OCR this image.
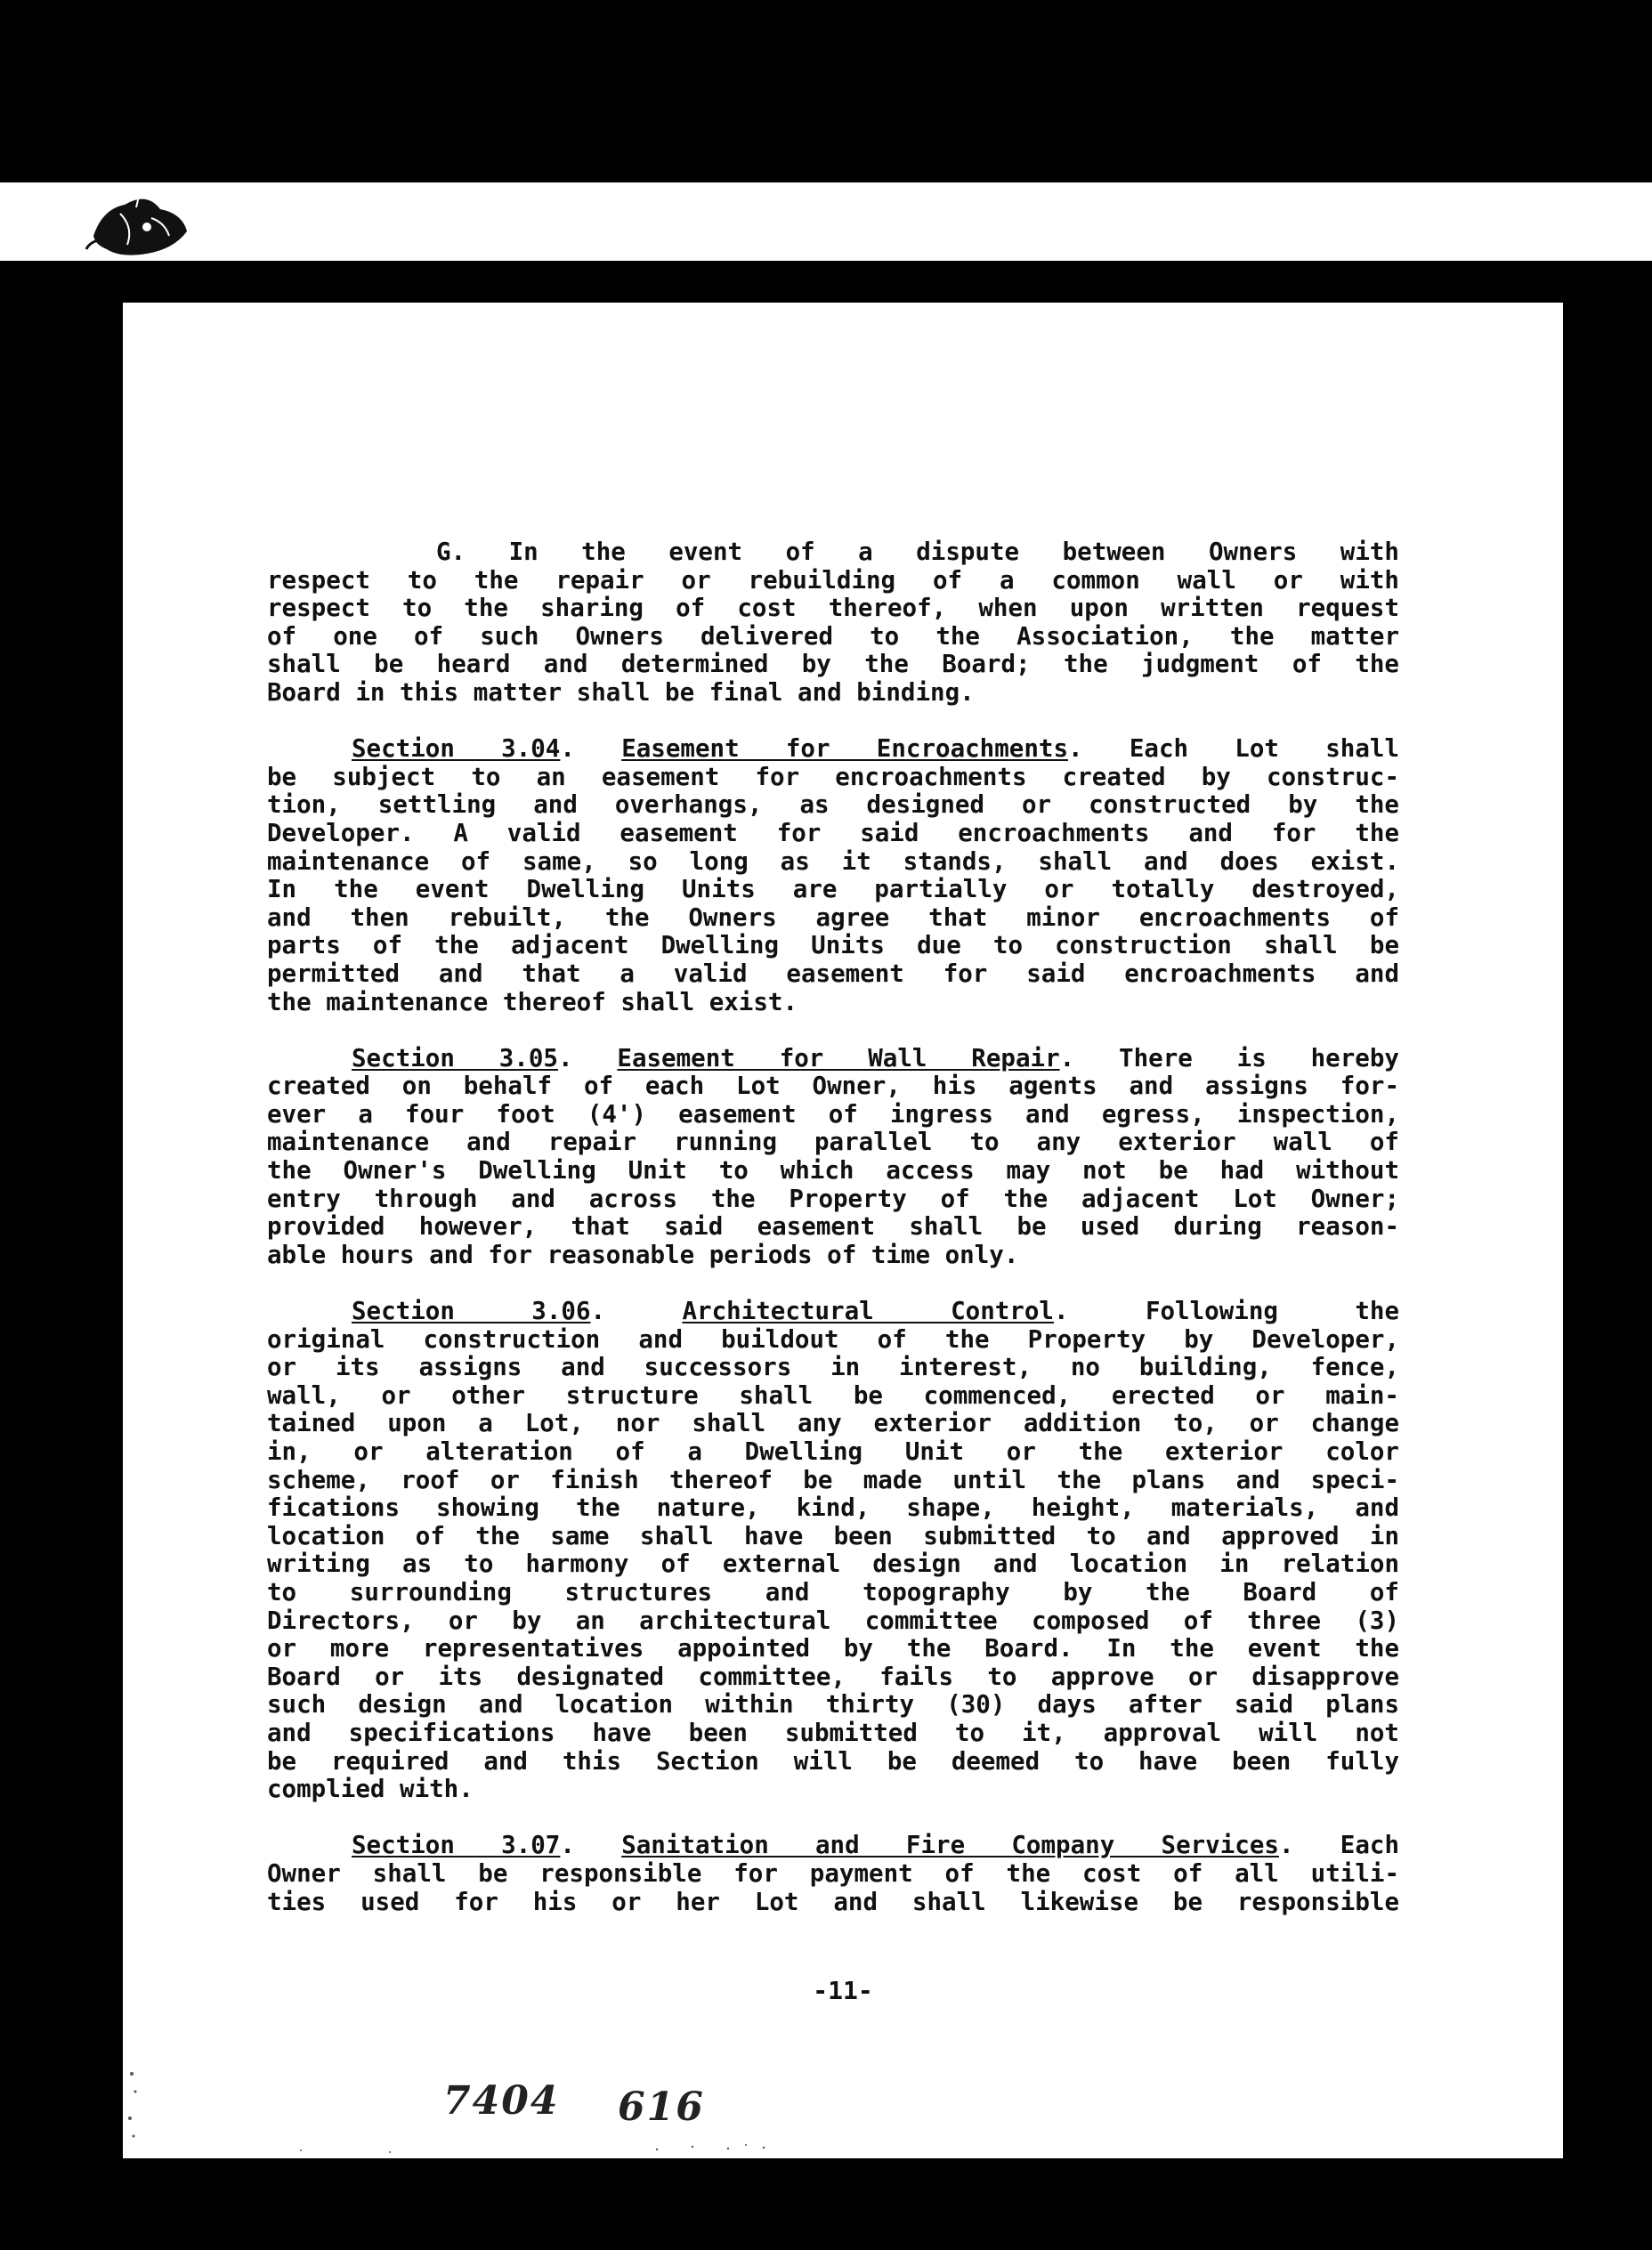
G. In the event of a dispute between Owners with
respect to the repair or rebuilding of a common wall or with
respect to the sharing of cost thereof, when upon written request
of one of such Owners delivered to the Association, the matter
shall be heard and determined by the Board; the judgment of the
Board in this matter shall be final and binding.
Section 3.04. Easement for Encroachments. Each Lot shall
be subject to an easement for encroachments created by construc-
tion, settling and overhangs, as designed or constructed by the
Developer. A valid easement for said encroachments and for the
maintenance of same, so long as it stands, shall and does exist.
In the event Dwelling Units are partially or totally destroyed,
and then rebuilt, the Owners agree that minor encroachments of
parts of the adjacent Dwelling Units due to construction shall be
permitted and that a valid easement for said encroachments and
the maintenance thereof shall exist.
Section 3.05. Easement for Wall Repair. There is hereby
created on behalf of each Lot Owner, his agents and assigns for-
ever a four foot (4') easement of ingress and egress, inspection,
maintenance and repair running parallel to any exterior wall of
the Owner's Dwelling Unit to which access may not be had without
entry through and across the Property of the adjacent Lot Owner;
provided however, that said easement shall be used during reason-
able hours and for reasonable periods of time only.
Section 3.06. Architectural Control. Following the
original construction and buildout of the Property by Developer,
or its assigns and successors in interest, no building, fence,
wall, or other structure shall be commenced, erected or main-
tained upon a Lot, nor shall any exterior addition to, or change
in, or alteration of a Dwelling Unit or the exterior color
scheme, roof or finish thereof be made until the plans and speci-
fications showing the nature, kind, shape, height, materials, and
location of the same shall have been submitted to and approved in
writing as to harmony of external design and location in relation
to surrounding structures and topography by the Board of
Directors, or by an architectural committee composed of three (3)
or more representatives appointed by the Board. In the event the
Board or its designated committee, fails to approve or disapprove
such design and location within thirty (30) days after said plans
and specifications have been submitted to it, approval will not
be required and this Section will be deemed to have been fully
complied with.
Section 3.07. Sanitation and Fire Company Services. Each
Owner shall be responsible for payment of the cost of all utili-
ties used for his or her Lot and shall likewise be responsible
-11-
7404 616
